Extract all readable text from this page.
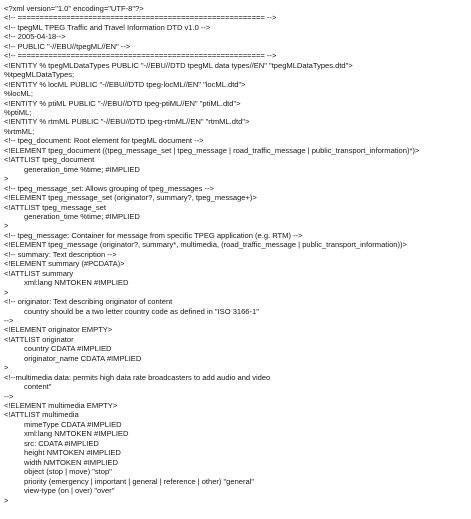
<?xml version="1.0" encoding="UTF-8"?>
<!-- ======================================================== -->
<!-- tpegML TPEG Traffic and Travel Information DTD v1.0 -->
<!-- 2005-04-18-->
<!-- PUBLIC "-//EBU//tpegML//EN" -->
<!-- ======================================================== -->
<!ENTITY % tpegMLDataTypes PUBLIC "-//EBU//DTD tpegML data types//EN" "tpegMLDataTypes.dtd">
%tpegMLDataTypes;
<!ENTITY % locML PUBLIC "-//EBU//DTD tpeg-locML//EN" "locML.dtd">
%locML;
<!ENTITY % ptiML PUBLIC "-//EBU//DTD tpeg-ptiML//EN" "ptiML.dtd">
%ptiML;
<!ENTITY % rtmML PUBLIC "-//EBU//DTD tpeg-rtmML//EN" "rtmML.dtd">
%rtmML;
<!-- tpeg_document: Root element for tpegML document -->
<!ELEMENT tpeg_document ((tpeg_message_set | tpeg_message | road_traffic_message | public_transport_information)*)>
<!ATTLIST tpeg_document
generation_time %time; #IMPLIED
>
<!-- tpeg_message_set: Allows grouping of tpeg_messages -->
<!ELEMENT tpeg_message_set (originator?, summary?, tpeg_message+)>
<!ATTLIST tpeg_message_set
generation_time %time; #IMPLIED
>
<!-- tpeg_message: Container for message from specific TPEG application (e.g. RTM) -->
<!ELEMENT tpeg_message (originator?, summary*, multimedia, (road_traffic_message | public_transport_information))>
<!-- summary: Text description -->
<!ELEMENT summary (#PCDATA)>
<!ATTLIST summary
xml:lang NMTOKEN #IMPLIED
>
<!-- originator: Text describing originator of content
country should be a two letter country code as defined in "ISO 3166-1"
-->
<!ELEMENT originator EMPTY>
<!ATTLIST originator
country CDATA #IMPLIED
originator_name CDATA #IMPLIED
>
<!--multimedia data: permits high data rate broadcasters to add audio and video
content"
-->
<!ELEMENT multimedia EMPTY>
<!ATTLIST multimedia
mimeType CDATA #IMPLIED
xml:lang NMTOKEN #IMPLIED
src: CDATA #IMPLIED
height NMTOKEN #IMPLIED
width NMTOKEN #IMPLIED
object (stop | move) "stop"
priority (emergency | important | general | reference | other) "general"
view-type (on | over) "over"
>
